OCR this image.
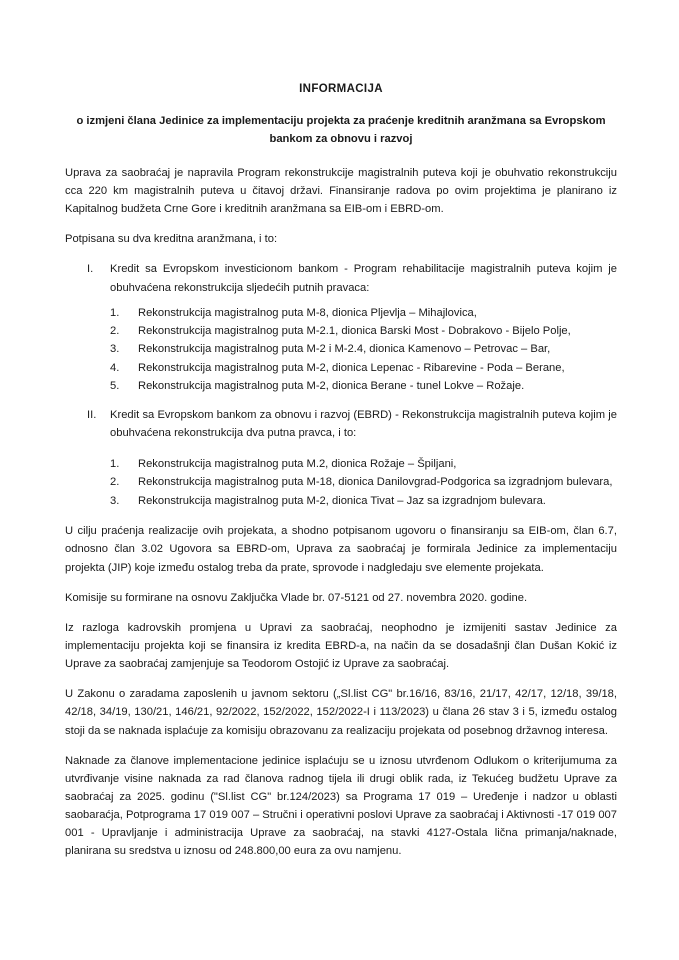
INFORMACIJA
o izmjeni člana Jedinice za implementaciju projekta za praćenje kreditnih aranžmana sa Evropskom bankom za obnovu i razvoj

Uprava za saobraćaj je napravila Program rekonstrukcije magistralnih puteva koji je obuhvatio rekonstrukciju cca 220 km magistralnih puteva u čitavoj državi. Finansiranje radova po ovim projektima je planirano iz Kapitalnog budžeta Crne Gore i kreditnih aranžmana sa EIB-om i EBRD-om.

Potpisana su dva kreditna aranžmana, i to:

I. Kredit sa Evropskom investicionom bankom - Program rehabilitacije magistralnih puteva kojim je obuhvaćena rekonstrukcija sljedećih putnih pravaca:

1. Rekonstrukcija magistralnog puta M-8, dionica Pljevlja – Mihajlovica,

2. Rekonstrukcija magistralnog puta M-2.1, dionica Barski Most - Dobrakovo - Bijelo Polje,

3. Rekonstrukcija magistralnog puta M-2 i M-2.4, dionica Kamenovo – Petrovac – Bar,

4. Rekonstrukcija magistralnog puta M-2, dionica Lepenac - Ribarevine - Poda – Berane,

5. Rekonstrukcija magistralnog puta M-2, dionica Berane - tunel Lokve – Rožaje.

II. Kredit sa Evropskom bankom za obnovu i razvoj (EBRD) - Rekonstrukcija magistralnih puteva kojim je obuhvaćena rekonstrukcija dva putna pravca, i to:

1. Rekonstrukcija magistralnog puta M.2, dionica Rožaje – Špiljani,

2. Rekonstrukcija magistralnog puta M-18, dionica Danilovgrad-Podgorica sa izgradnjom bulevara,

3. Rekonstrukcija magistralnog puta M-2, dionica Tivat – Jaz sa izgradnjom bulevara.

U cilju praćenja realizacije ovih projekata, a shodno potpisanom ugovoru o finansiranju sa EIB-om, član 6.7, odnosno član 3.02 Ugovora sa EBRD-om, Uprava za saobraćaj je formirala Jedinice za implementaciju projekta (JIP) koje između ostalog treba da prate, sprovode i nadgledaju sve elemente projekata.

Komisije su formirane na osnovu Zaključka Vlade br. 07-5121 od 27. novembra 2020. godine.

Iz razloga kadrovskih promjena u Upravi za saobraćaj, neophodno je izmijeniti sastav Jedinice za implementaciju projekta koji se finansira iz kredita EBRD-a, na način da se dosadašnji član Dušan Kokić iz Uprave za saobraćaj zamjenjuje sa Teodorom Ostojić iz Uprave za saobraćaj.

U Zakonu o zaradama zaposlenih u javnom sektoru („Sl.list CG" br.16/16, 83/16, 21/17, 42/17, 12/18, 39/18, 42/18, 34/19, 130/21, 146/21, 92/2022, 152/2022, 152/2022-I i 113/2023) u člana 26 stav 3 i 5, između ostalog stoji da se naknada isplaćuje za komisiju obrazovanu za realizaciju projekata od posebnog državnog interesa.

Naknade za članove implementacione jedinice isplaćuju se u iznosu utvrđenom Odlukom o kriterijumuma za utvrđivanje visine naknada za rad članova radnog tijela ili drugi oblik rada, iz Tekućeg budžetu Uprave za saobraćaj za 2025. godinu ("Sl.list CG" br.124/2023) sa Programa 17 019 – Uređenje i nadzor u oblasti saobaraćja, Potprograma 17 019 007 – Stručni i operativni poslovi Uprave za saobraćaj i Aktivnosti -17 019 007 001 - Upravljanje i administracija Uprave za saobraćaj, na stavki 4127-Ostala lična primanja/naknade, planirana su sredstva u iznosu od 248.800,00 eura za ovu namjenu.
